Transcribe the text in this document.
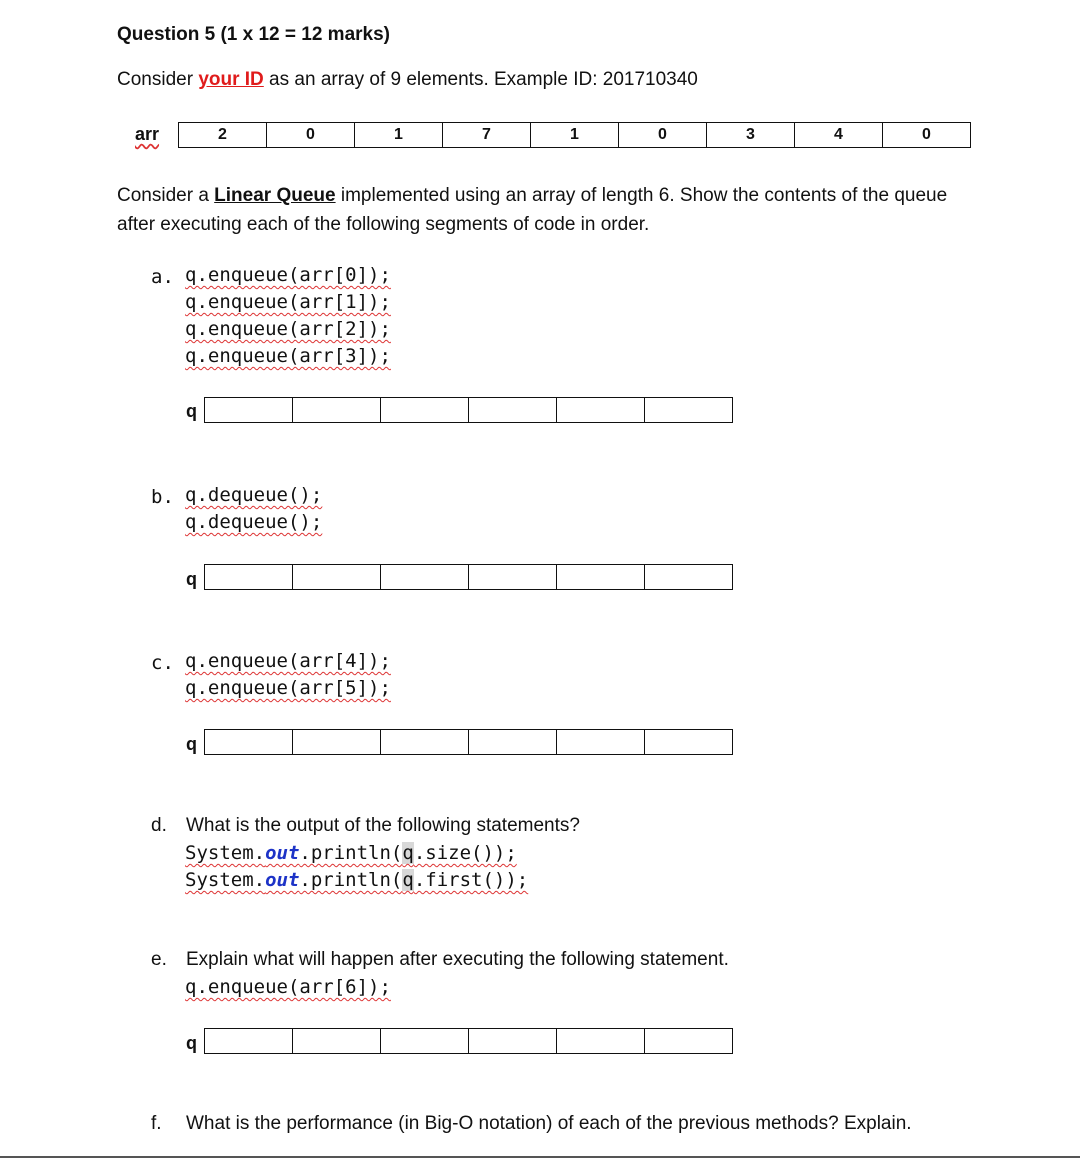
Question 5 (1 x 12 = 12 marks)
Consider your ID as an array of 9 elements. Example ID: 201710340
arr	2	0	1	7	1	0	3	4	0
Consider a Linear Queue implemented using an array of length 6. Show the contents of the queue
after executing each of the following segments of code in order.
a. q.enqueue(arr[0]);
q.enqueue(arr[1]);
q.enqueue(arr[2]);
q.enqueue(arr[3]);
q

b. q.dequeue();
q.dequeue();
q

c. q.enqueue(arr[4]);
q.enqueue(arr[5]);
q

d. What is the output of the following statements?
System.out.println(q.size());
System.out.println(q.first());
e. Explain what will happen after executing the following statement.
q.enqueue(arr[6]);
q

f. What is the performance (in Big-O notation) of each of the previous methods? Explain.
